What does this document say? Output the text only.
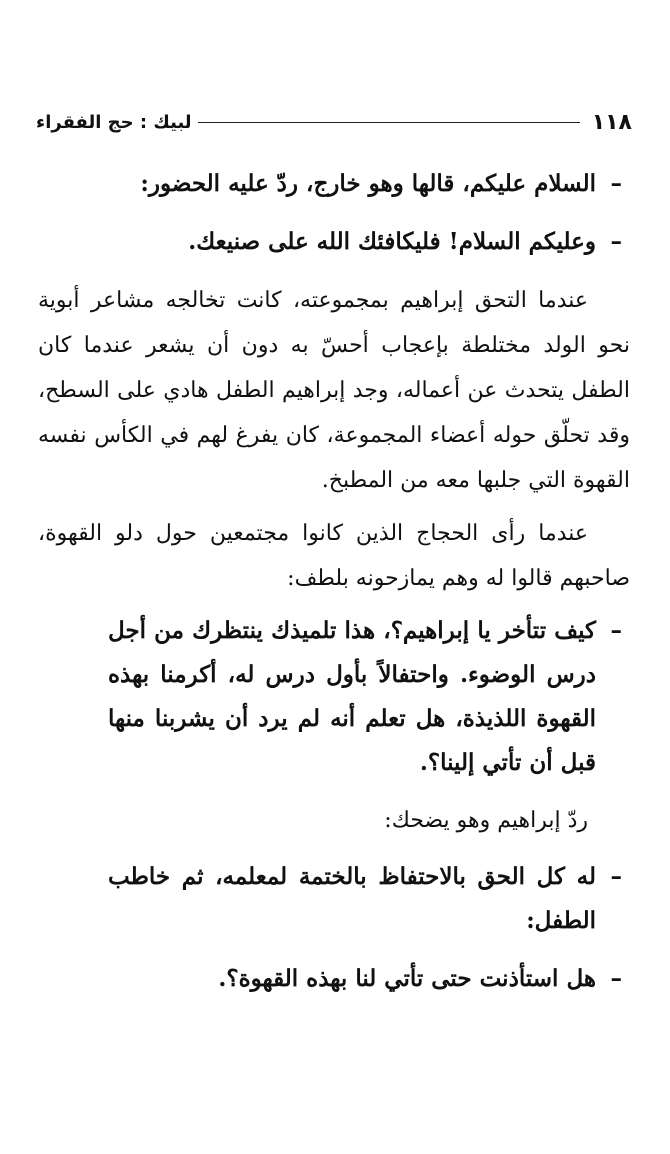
١١٨
لبيك : حج الفقراء
–
السلام عليكم، قالها وهو خارج، ردّ عليه الحضور:
–
وعليكم السلام! فليكافئك الله على صنيعك.

عندما التحق إبراهيم بمجموعته، كانت تخالجه مشاعر أبوية نحو الولد مختلطة بإعجاب أحسّ به دون أن يشعر عندما كان الطفل يتحدث عن أعماله، وجد إبراهيم الطفل هادي على السطح، وقد تحلّق حوله أعضاء المجموعة، كان يفرغ لهم في الكأس نفسه القهوة التي جلبها معه من المطبخ.

عندما رأى الحجاج الذين كانوا مجتمعين حول دلو القهوة، صاحبهم قالوا له وهم يمازحونه بلطف:

–
كيف تتأخر يا إبراهيم؟، هذا تلميذك ينتظرك من أجل درس الوضوء. واحتفالاً بأول درس له، أكرمنا بهذه القهوة اللذيذة، هل تعلم أنه لم يرد أن يشربنا منها قبل أن تأتي إلينا؟.
ردّ إبراهيم وهو يضحك:
–
له كل الحق بالاحتفاظ بالختمة لمعلمه، ثم خاطب الطفل:
–
هل استأذنت حتى تأتي لنا بهذه القهوة؟.
